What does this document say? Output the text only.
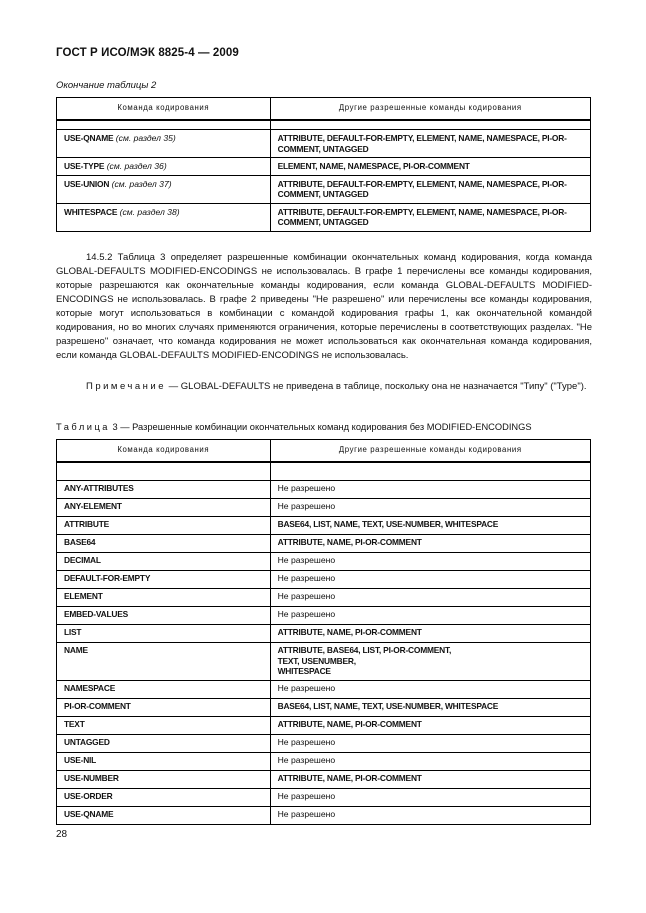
ГОСТ Р ИСО/МЭК 8825-4 — 2009
Окончание таблицы 2
Команда кодирования	Другие разрешенные команды кодирования

USE-QNAME (см. раздел 35)	ATTRIBUTE, DEFAULT-FOR-EMPTY, ELEMENT, NAME, NAMESPACE, PI-OR-COMMENT, UNTAGGED
USE-TYPE (см. раздел 36)	ELEMENT, NAME, NAMESPACE, PI-OR-COMMENT
USE-UNION (см. раздел 37)	ATTRIBUTE, DEFAULT-FOR-EMPTY, ELEMENT, NAME, NAMESPACE, PI-OR-COMMENT, UNTAGGED
WHITESPACE (см. раздел 38)	ATTRIBUTE, DEFAULT-FOR-EMPTY, ELEMENT, NAME, NAMESPACE, PI-OR-COMMENT, UNTAGGED

14.5.2 Таблица 3 определяет разрешенные комбинации окончательных команд кодирования, когда команда GLOBAL-DEFAULTS MODIFIED-ENCODINGS не использовалась. В графе 1 перечислены все команды кодирования, которые разрешаются как окончательные команды кодирования, если команда GLOBAL-DEFAULTS MODIFIED-ENCODINGS не использовалась. В графе 2 приведены "Не разрешено" или перечислены все команды кодирования, которые могут использоваться в комбинации с командой кодирования графы 1, как окончательной командой кодирования, но во многих случаях применяются ограничения, которые перечислены в соответствующих разделах. "Не разрешено" означает, что команда кодирования не может использоваться как окончательная команда кодирования, если команда GLOBAL-DEFAULTS MODIFIED-ENCODINGS не использовалась.

Примечание — GLOBAL-DEFAULTS не приведена в таблице, поскольку она не назначается "Типу" ("Type").

Таблица 3 — Разрешенные комбинации окончательных команд кодирования без MODIFIED-ENCODINGS
Команда кодирования	Другие разрешенные команды кодирования

ANY-ATTRIBUTES	Не разрешено
ANY-ELEMENT	Не разрешено
ATTRIBUTE	BASE64, LIST, NAME, TEXT, USE-NUMBER, WHITESPACE
BASE64	ATTRIBUTE, NAME, PI-OR-COMMENT
DECIMAL	Не разрешено
DEFAULT-FOR-EMPTY	Не разрешено
ELEMENT	Не разрешено
EMBED-VALUES	Не разрешено
LIST	ATTRIBUTE, NAME, PI-OR-COMMENT
NAME	ATTRIBUTE, BASE64, LIST, PI-OR-COMMENT,
TEXT, USENUMBER,
WHITESPACE
NAMESPACE	Не разрешено
PI-OR-COMMENT	BASE64, LIST, NAME, TEXT, USE-NUMBER, WHITESPACE
TEXT	ATTRIBUTE, NAME, PI-OR-COMMENT
UNTAGGED	Не разрешено
USE-NIL	Не разрешено
USE-NUMBER	ATTRIBUTE, NAME, PI-OR-COMMENT
USE-ORDER	Не разрешено
USE-QNAME	Не разрешено
28
